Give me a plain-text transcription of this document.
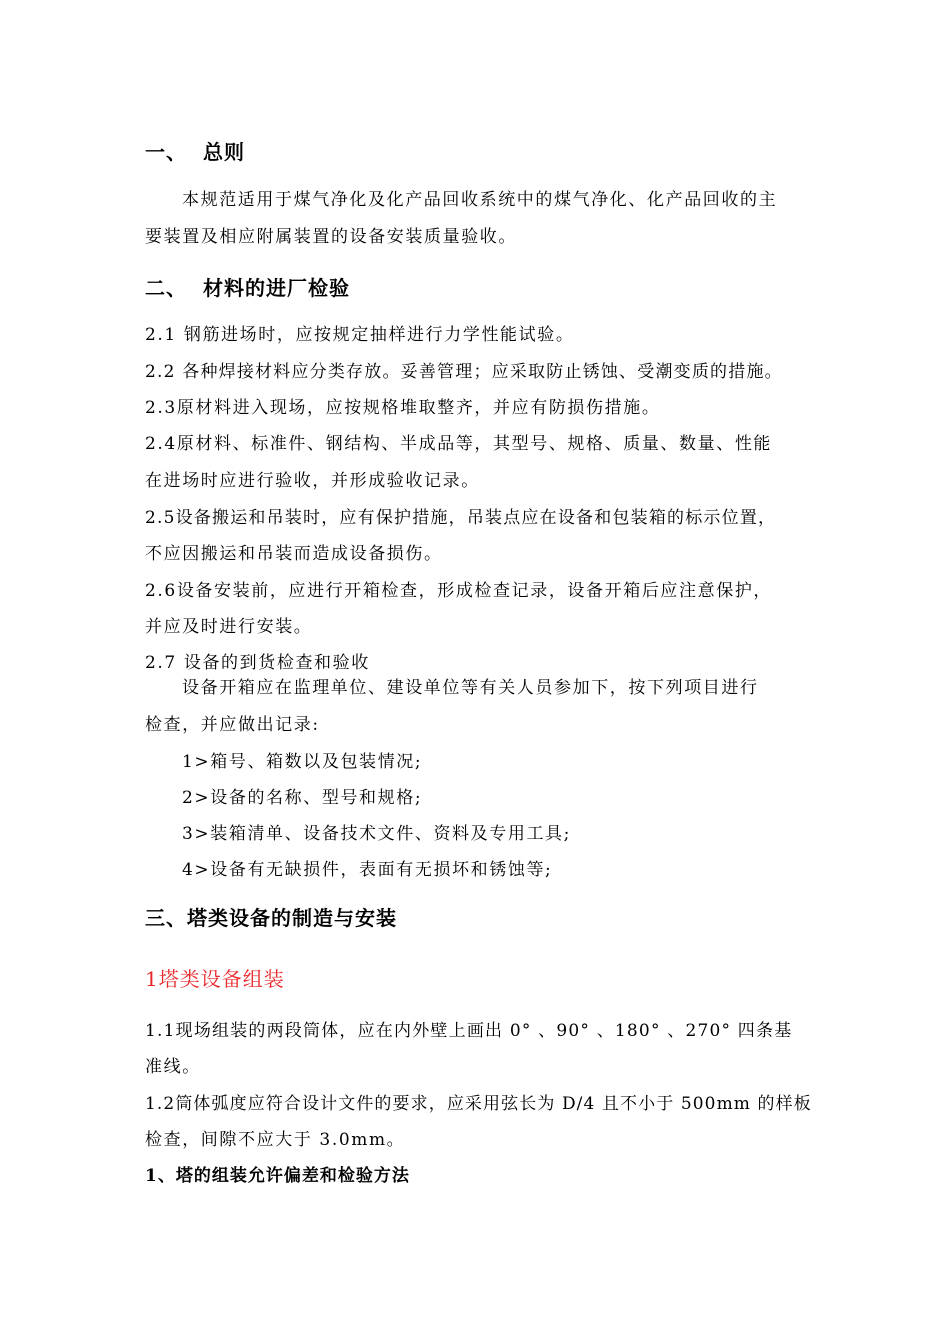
一、 总则
本规范适用于煤气净化及化产品回收系统中的煤气净化、化产品回收的主
要装置及相应附属装置的设备安装质量验收。
二、 材料的进厂检验
2.1 钢筋进场时，应按规定抽样进行力学性能试验。
2.2 各种焊接材料应分类存放。妥善管理；应采取防止锈蚀、受潮变质的措施。
2.3原材料进入现场，应按规格堆取整齐，并应有防损伤措施。
2.4原材料、标准件、钢结构、半成品等，其型号、规格、质量、数量、性能
在进场时应进行验收，并形成验收记录。
2.5设备搬运和吊装时，应有保护措施，吊装点应在设备和包装箱的标示位置，
不应因搬运和吊装而造成设备损伤。
2.6设备安装前，应进行开箱检查，形成检查记录，设备开箱后应注意保护，
并应及时进行安装。
2.7 设备的到货检查和验收
设备开箱应在监理单位、建设单位等有关人员参加下，按下列项目进行
检查，并应做出记录:
1>箱号、箱数以及包装情况;
2>设备的名称、型号和规格;
3>装箱清单、设备技术文件、资料及专用工具;
4>设备有无缺损件，表面有无损坏和锈蚀等;
三、塔类设备的制造与安装
1塔类设备组装
1.1现场组装的两段筒体，应在内外壁上画出 0° 、90° 、180° 、270° 四条基
准线。
1.2筒体弧度应符合设计文件的要求，应采用弦长为 D/4 且不小于 500mm 的样板
检查，间隙不应大于 3.0mm。
1、塔的组装允许偏差和检验方法
